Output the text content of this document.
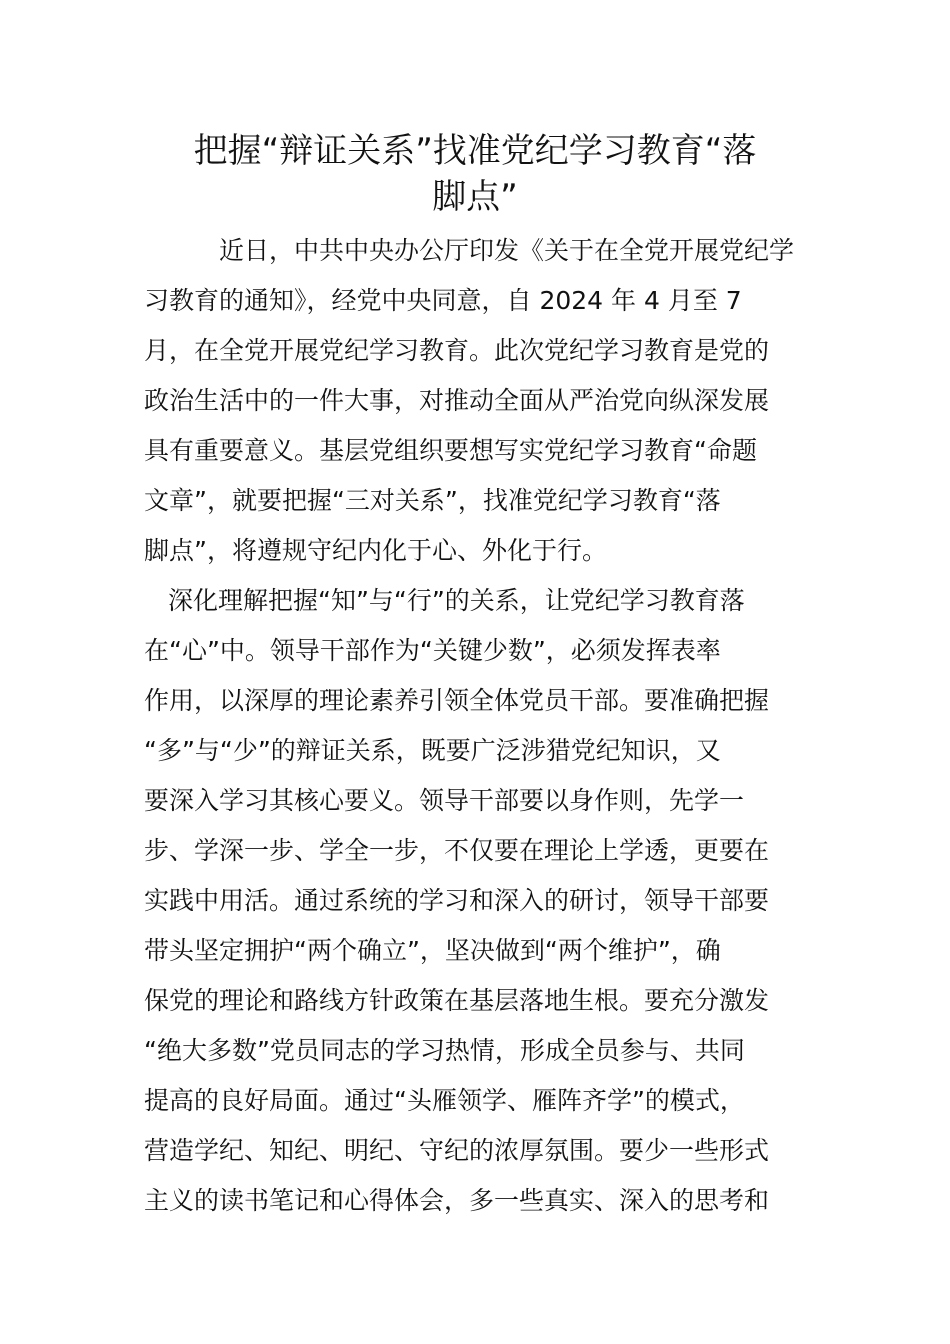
把握“辩证关系”找准党纪学习教育“落
脚点”

近日，中共中央办公厅印发《关于在全党开展党纪学

习教育的通知》，经党中央同意，自 2024 年 4 月至 7

月，在全党开展党纪学习教育。此次党纪学习教育是党的

政治生活中的一件大事，对推动全面从严治党向纵深发展

具有重要意义。基层党组织要想写实党纪学习教育“命题

文章”，就要把握“三对关系”，找准党纪学习教育“落

脚点”，将遵规守纪内化于心、外化于行。

深化理解把握“知”与“行”的关系，让党纪学习教育落

在“心”中。领导干部作为“关键少数”，必须发挥表率

作用，以深厚的理论素养引领全体党员干部。要准确把握

“多”与“少”的辩证关系，既要广泛涉猎党纪知识，又

要深入学习其核心要义。领导干部要以身作则，先学一

步、学深一步、学全一步，不仅要在理论上学透，更要在

实践中用活。通过系统的学习和深入的研讨，领导干部要

带头坚定拥护“两个确立”，坚决做到“两个维护”，确

保党的理论和路线方针政策在基层落地生根。要充分激发

“绝大多数”党员同志的学习热情，形成全员参与、共同

提高的良好局面。通过“头雁领学、雁阵齐学”的模式，

营造学纪、知纪、明纪、守纪的浓厚氛围。要少一些形式

主义的读书笔记和心得体会，多一些真实、深入的思考和
